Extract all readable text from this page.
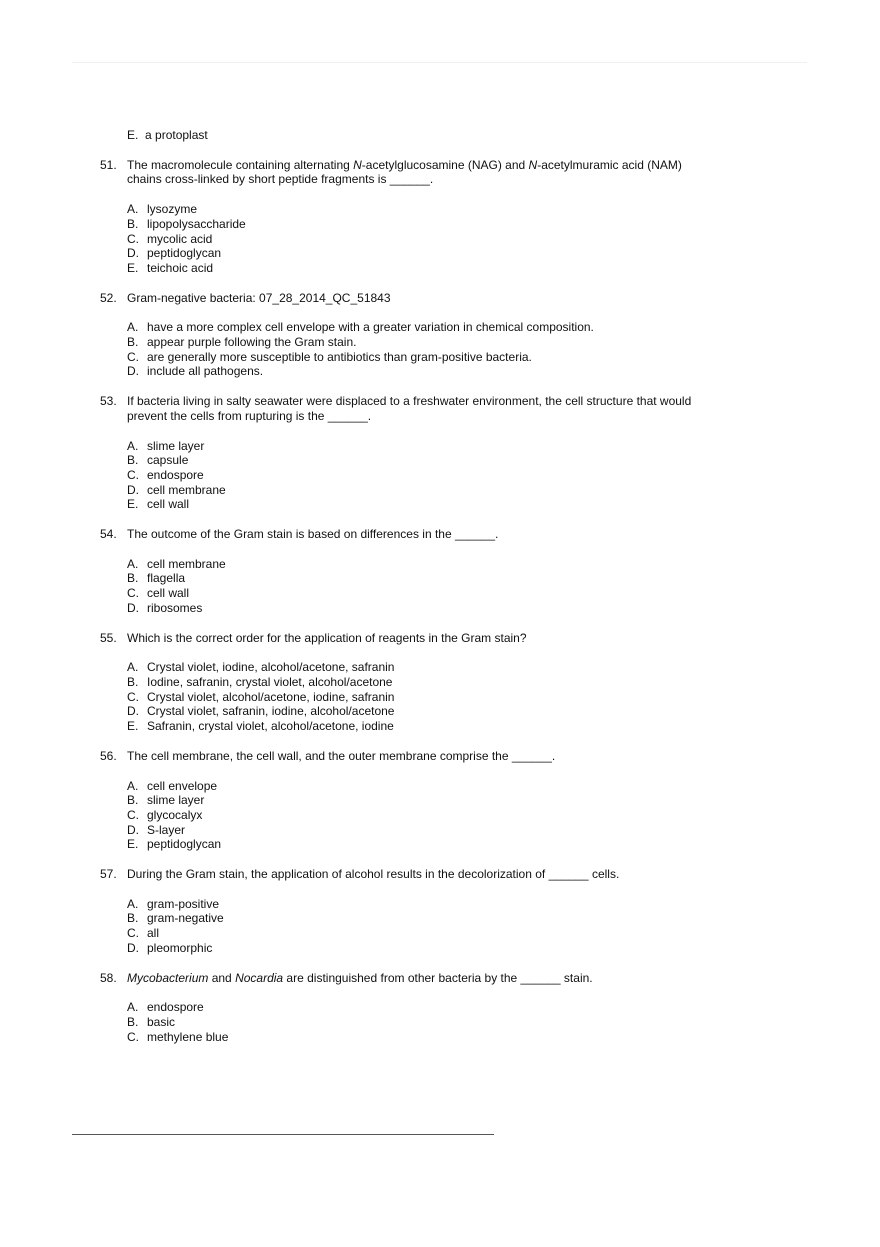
E. a protoplast
51. The macromolecule containing alternating N-acetylglucosamine (NAG) and N-acetylmuramic acid (NAM)
chains cross-linked by short peptide fragments is ______.
A. lysozyme
B. lipopolysaccharide
C. mycolic acid
D. peptidoglycan
E. teichoic acid
52. Gram-negative bacteria: 07_28_2014_QC_51843
A. have a more complex cell envelope with a greater variation in chemical composition.
B. appear purple following the Gram stain.
C. are generally more susceptible to antibiotics than gram-positive bacteria.
D. include all pathogens.
53. If bacteria living in salty seawater were displaced to a freshwater environment, the cell structure that would
prevent the cells from rupturing is the ______.
A. slime layer
B. capsule
C. endospore
D. cell membrane
E. cell wall
54. The outcome of the Gram stain is based on differences in the ______.
A. cell membrane
B. flagella
C. cell wall
D. ribosomes
55. Which is the correct order for the application of reagents in the Gram stain?
A. Crystal violet, iodine, alcohol/acetone, safranin
B. Iodine, safranin, crystal violet, alcohol/acetone
C. Crystal violet, alcohol/acetone, iodine, safranin
D. Crystal violet, safranin, iodine, alcohol/acetone
E. Safranin, crystal violet, alcohol/acetone, iodine
56. The cell membrane, the cell wall, and the outer membrane comprise the ______.
A. cell envelope
B. slime layer
C. glycocalyx
D. S-layer
E. peptidoglycan
57. During the Gram stain, the application of alcohol results in the decolorization of ______ cells.
A. gram-positive
B. gram-negative
C. all
D. pleomorphic
58. Mycobacterium and Nocardia are distinguished from other bacteria by the ______ stain.
A. endospore
B. basic
C. methylene blue
